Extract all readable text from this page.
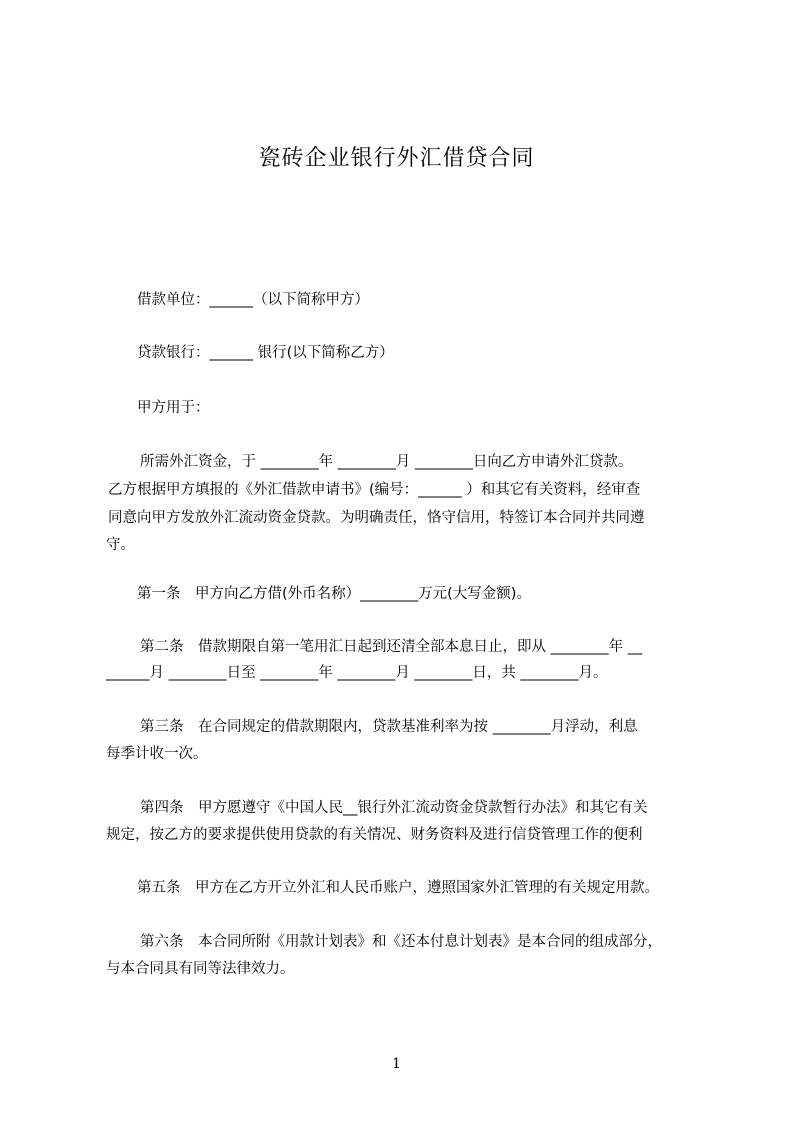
瓷砖企业银行外汇借贷合同
借款单位：______（以下简称甲方）
贷款银行：______ 银行(以下简称乙方）
甲方用于：
所需外汇资金，于 ________年 ________月 ________日向乙方申请外汇贷款。
乙方根据甲方填报的《外汇借款申请书》(编号：______ ）和其它有关资料，经审查
同意向甲方发放外汇流动资金贷款。为明确责任，恪守信用，特签订本合同并共同遵
守。
第一条　甲方向乙方借(外币名称）________万元(大写金额)。
第二条　借款期限自第一笔用汇日起到还清全部本息日止，即从 ________年 __
______月 ________日至 ________年 ________月 ________日，共 ________月。
第三条　在合同规定的借款期限内，贷款基准利率为按 ________月浮动，利息
每季计收一次。
第四条　甲方愿遵守《中国人民__银行外汇流动资金贷款暂行办法》和其它有关
规定，按乙方的要求提供使用贷款的有关情况、财务资料及进行信贷管理工作的便利
第五条　甲方在乙方开立外汇和人民币账户，遵照国家外汇管理的有关规定用款。
第六条　本合同所附《用款计划表》和《还本付息计划表》是本合同的组成部分，
与本合同具有同等法律效力。
1
